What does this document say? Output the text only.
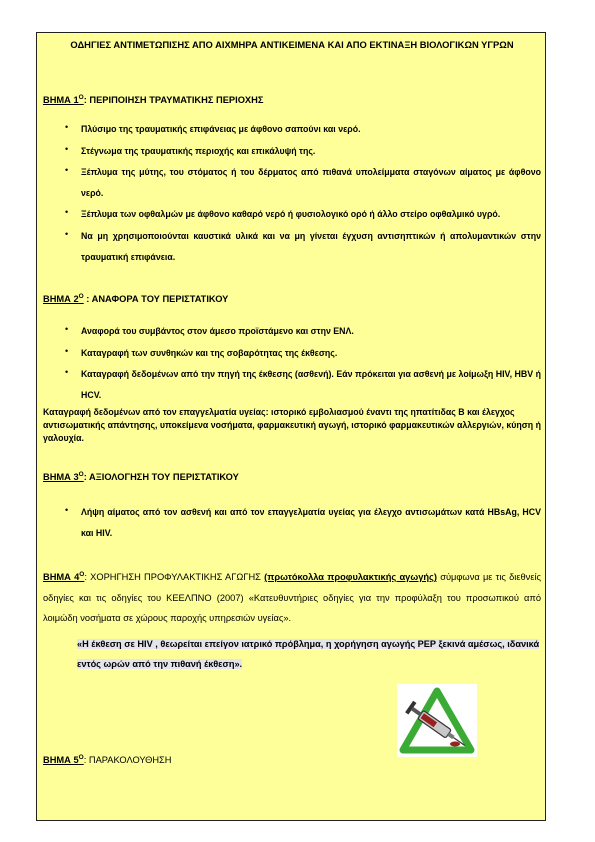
ΟΔΗΓΙΕΣ ΑΝΤΙΜΕΤΩΠΙΣΗΣ ΑΠΟ ΑΙΧΜΗΡΑ ΑΝΤΙΚΕΙΜΕΝΑ ΚΑΙ ΑΠΟ ΕΚΤΙΝΑΞΗ ΒΙΟΛΟΓΙΚΩΝ ΥΓΡΩΝ
ΒΗΜΑ $1^O$: ΠΕΡΙΠΟΙΗΣΗ ΤΡΑΥΜΑΤΙΚΗΣ ΠΕΡΙΟΧΗΣ
• Πλύσιμο της τραυματικής επιφάνειας με άφθονο σαπούνι και νερό.
• Στέγνωμα της τραυματικής περιοχής και επικάλυψή της.
• Ξέπλυμα της μύτης, του στόματος ή του δέρματος από πιθανά υπολείμματα σταγόνων αίματος με άφθονο νερό.
• Ξέπλυμα των οφθαλμών με άφθονο καθαρό νερό ή φυσιολογικό ορό ή άλλο στείρο οφθαλμικό υγρό.
• Να μη χρησιμοποιούνται καυστικά υλικά και να μη γίνεται έγχυση αντισηπτικών ή απολυμαντικών στην τραυματική επιφάνεια.
ΒΗΜΑ $2^O$ : ΑΝΑΦΟΡΑ ΤΟΥ ΠΕΡΙΣΤΑΤΙΚΟΥ
• Αναφορά του συμβάντος στον άμεσο προϊστάμενο και στην ΕΝΛ.
• Καταγραφή των συνθηκών και της σοβαρότητας της έκθεσης.
• Καταγραφή δεδομένων από την πηγή της έκθεσης (ασθενή). Εάν πρόκειται για ασθενή με λοίμωξη HIV, HBV ή HCV.
Καταγραφή δεδομένων από τον επαγγελματία υγείας: ιστορικό εμβολιασμού έναντι της ηπατίτιδας Β και έλεγχος αντισωματικής απάντησης, υποκείμενα νοσήματα, φαρμακευτική αγωγή, ιστορικό φαρμακευτικών αλλεργιών, κύηση ή γαλουχία.
ΒΗΜΑ $3^O$: ΑΞΙΟΛΟΓΗΣΗ ΤΟΥ ΠΕΡΙΣΤΑΤΙΚΟΥ
• Λήψη αίματος από τον ασθενή και από τον επαγγελματία υγείας για έλεγχο αντισωμάτων κατά HBsAg, HCV και HIV.
ΒΗΜΑ $4^O$: ΧΟΡΗΓΗΣΗ ΠΡΟΦΥΛΑΚΤΙΚΗΣ ΑΓΩΓΗΣ (πρωτόκολλα προφυλακτικής αγωγής) σύμφωνα με τις διεθνείς οδηγίες και τις οδηγίες του ΚΕΕΛΠΝΟ (2007) «Κατευθυντήριες οδηγίες για την προφύλαξη του προσωπικού από λοιμώδη νοσήματα σε χώρους παροχής υπηρεσιών υγείας».
«Η έκθεση σε HIV , θεωρείται επείγον ιατρικό πρόβλημα, η χορήγηση αγωγής PEP ξεκινά αμέσως, ιδανικά εντός ωρών από την πιθανή έκθεση».
ΒΗΜΑ $5^O$: ΠΑΡΑΚΟΛΟΥΘΗΣΗ
